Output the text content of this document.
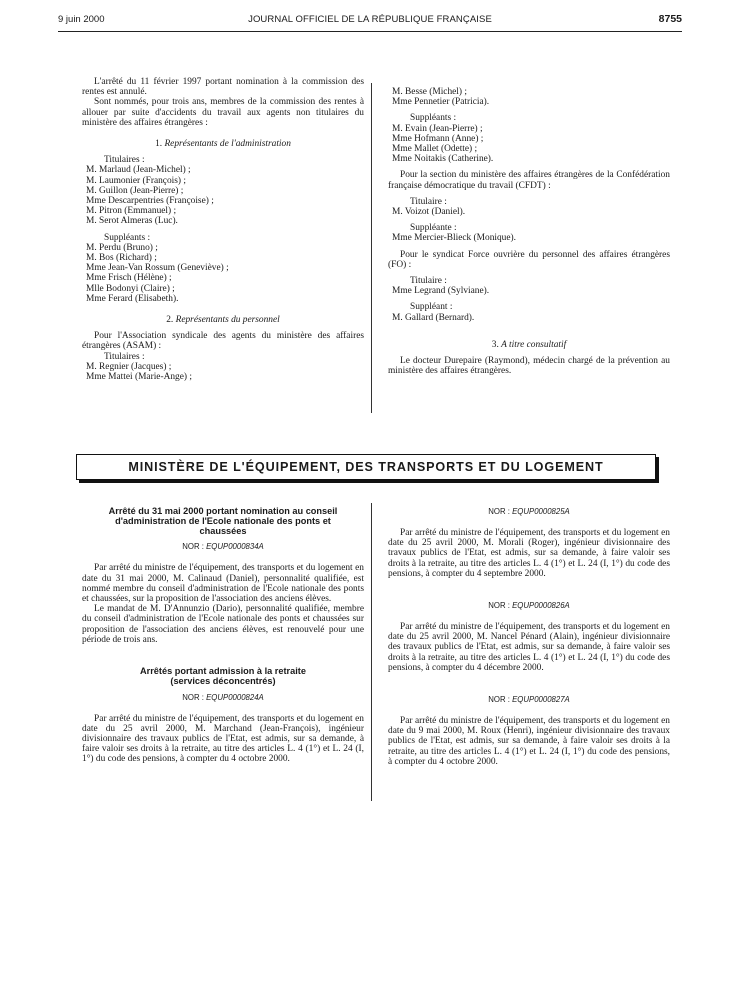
9 juin 2000	JOURNAL OFFICIEL DE LA RÉPUBLIQUE FRANÇAISE	8755

L'arrêté du 11 février 1997 portant nomination à la commission des rentes est annulé.

Sont nommés, pour trois ans, membres de la commission des rentes à allouer par suite d'accidents du travail aux agents non titulaires du ministère des affaires étrangères :

1. Représentants de l'administration

Titulaires :

M. Marlaud (Jean-Michel) ;

M. Laumonier (François) ;

M. Guillon (Jean-Pierre) ;

Mme Descarpentries (Françoise) ;

M. Pitron (Emmanuel) ;

M. Serot Almeras (Luc).

Suppléants :

M. Perdu (Bruno) ;

M. Bos (Richard) ;

Mme Jean-Van Rossum (Geneviève) ;

Mme Frisch (Hélène) ;

Mlle Bodonyi (Claire) ;

Mme Ferard (Elisabeth).

2. Représentants du personnel

Pour l'Association syndicale des agents du ministère des affaires étrangères (ASAM) :

Titulaires :

M. Regnier (Jacques) ;

Mme Mattei (Marie-Ange) ;

M. Besse (Michel) ;

Mme Pennetier (Patricia).

Suppléants :

M. Evain (Jean-Pierre) ;

Mme Hofmann (Anne) ;

Mme Mallet (Odette) ;

Mme Noitakis (Catherine).

Pour la section du ministère des affaires étrangères de la Confédération française démocratique du travail (CFDT) :

Titulaire :

M. Voizot (Daniel).

Suppléante :

Mme Mercier-Blieck (Monique).

Pour le syndicat Force ouvrière du personnel des affaires étrangères (FO) :

Titulaire :

Mme Legrand (Sylviane).

Suppléant :

M. Gallard (Bernard).

3. A titre consultatif

Le docteur Durepaire (Raymond), médecin chargé de la prévention au ministère des affaires étrangères.

MINISTÈRE DE L'ÉQUIPEMENT, DES TRANSPORTS ET DU LOGEMENT

Arrêté du 31 mai 2000 portant nomination au conseil d'administration de l'Ecole nationale des ponts et chaussées

NOR : EQUP0000834A

Par arrêté du ministre de l'équipement, des transports et du logement en date du 31 mai 2000, M. Calinaud (Daniel), personnalité qualifiée, est nommé membre du conseil d'administration de l'Ecole nationale des ponts et chaussées, sur la proposition de l'association des anciens élèves.

Le mandat de M. D'Annunzio (Dario), personnalité qualifiée, membre du conseil d'administration de l'Ecole nationale des ponts et chaussées sur proposition de l'association des anciens élèves, est renouvelé pour une période de trois ans.

Arrêtés portant admission à la retraite (services déconcentrés)

NOR : EQUP0000824A

Par arrêté du ministre de l'équipement, des transports et du logement en date du 25 avril 2000, M. Marchand (Jean-François), ingénieur divisionnaire des travaux publics de l'Etat, est admis, sur sa demande, à faire valoir ses droits à la retraite, au titre des articles L. 4 (1°) et L. 24 (I, 1°) du code des pensions, à compter du 4 octobre 2000.

NOR : EQUP0000825A

Par arrêté du ministre de l'équipement, des transports et du logement en date du 25 avril 2000, M. Morali (Roger), ingénieur divisionnaire des travaux publics de l'Etat, est admis, sur sa demande, à faire valoir ses droits à la retraite, au titre des articles L. 4 (1°) et L. 24 (I, 1°) du code des pensions, à compter du 4 septembre 2000.

NOR : EQUP0000826A

Par arrêté du ministre de l'équipement, des transports et du logement en date du 25 avril 2000, M. Nancel Pénard (Alain), ingénieur divisionnaire des travaux publics de l'Etat, est admis, sur sa demande, à faire valoir ses droits à la retraite, au titre des articles L. 4 (1°) et L. 24 (I, 1°) du code des pensions, à compter du 4 décembre 2000.

NOR : EQUP0000827A

Par arrêté du ministre de l'équipement, des transports et du logement en date du 9 mai 2000, M. Roux (Henri), ingénieur divisionnaire des travaux publics de l'Etat, est admis, sur sa demande, à faire valoir ses droits à la retraite, au titre des articles L. 4 (1°) et L. 24 (I, 1°) du code des pensions, à compter du 4 octobre 2000.
